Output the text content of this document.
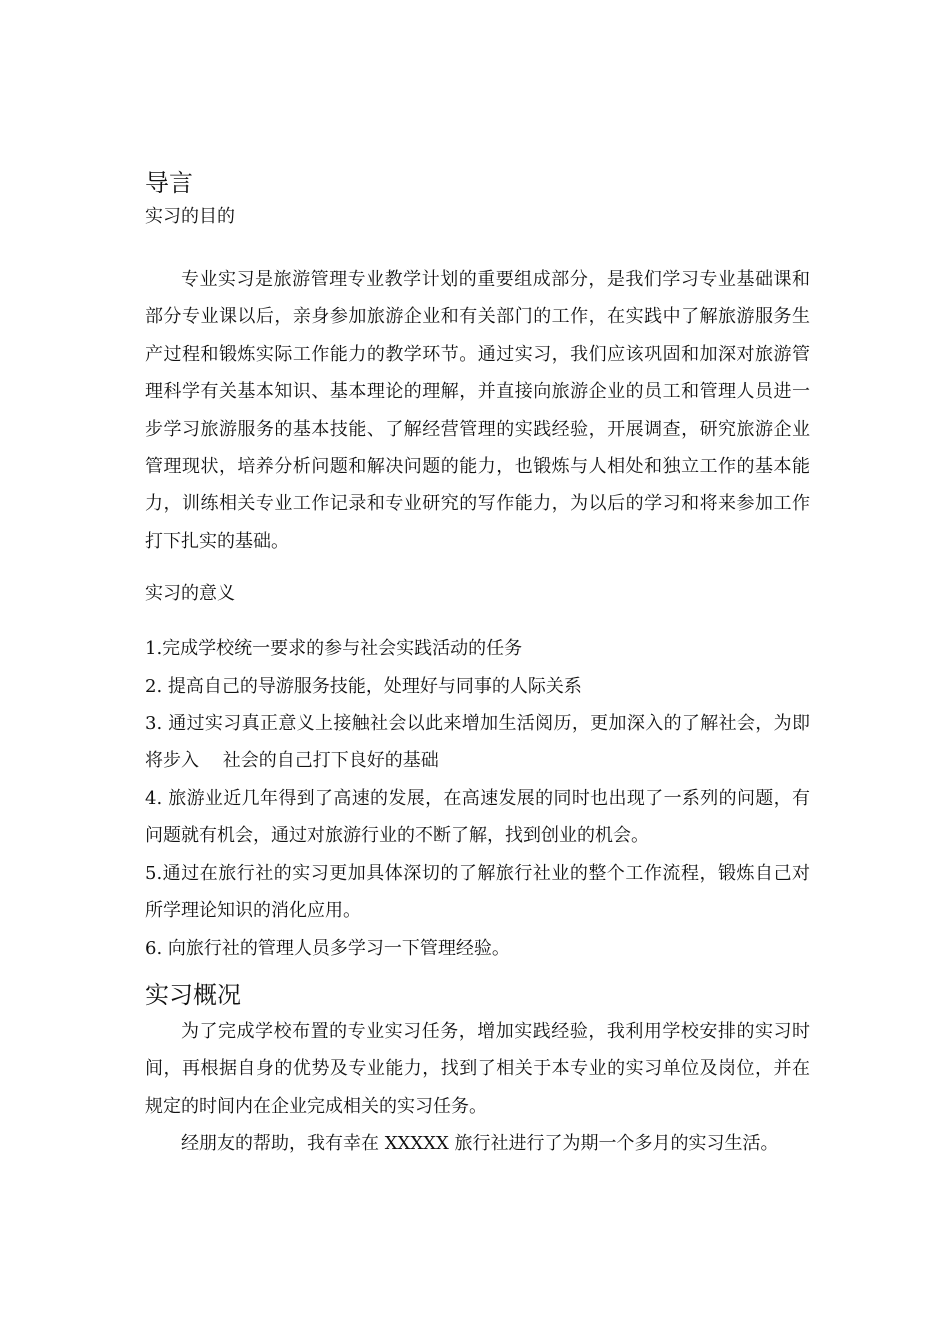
导言
实习的目的

专业实习是旅游管理专业教学计划的重要组成部分，是我们学习专业基础课和部分专业课以后，亲身参加旅游企业和有关部门的工作，在实践中了解旅游服务生产过程和锻炼实际工作能力的教学环节。通过实习，我们应该巩固和加深对旅游管理科学有关基本知识、基本理论的理解，并直接向旅游企业的员工和管理人员进一步学习旅游服务的基本技能、了解经营管理的实践经验，开展调查，研究旅游企业管理现状，培养分析问题和解决问题的能力，也锻炼与人相处和独立工作的基本能力，训练相关专业工作记录和专业研究的写作能力，为以后的学习和将来参加工作打下扎实的基础。

实习的意义

1.完成学校统一要求的参与社会实践活动的任务

2. 提高自己的导游服务技能，处理好与同事的人际关系

3. 通过实习真正意义上接触社会以此来增加生活阅历，更加深入的了解社会，为即将步入　 社会的自己打下良好的基础

4. 旅游业近几年得到了高速的发展，在高速发展的同时也出现了一系列的问题，有问题就有机会，通过对旅游行业的不断了解，找到创业的机会。

5.通过在旅行社的实习更加具体深切的了解旅行社业的整个工作流程，锻炼自己对所学理论知识的消化应用。

6. 向旅行社的管理人员多学习一下管理经验。

实习概况

为了完成学校布置的专业实习任务，增加实践经验，我利用学校安排的实习时间，再根据自身的优势及专业能力，找到了相关于本专业的实习单位及岗位，并在规定的时间内在企业完成相关的实习任务。

经朋友的帮助，我有幸在 XXXXX 旅行社进行了为期一个多月的实习生活。
